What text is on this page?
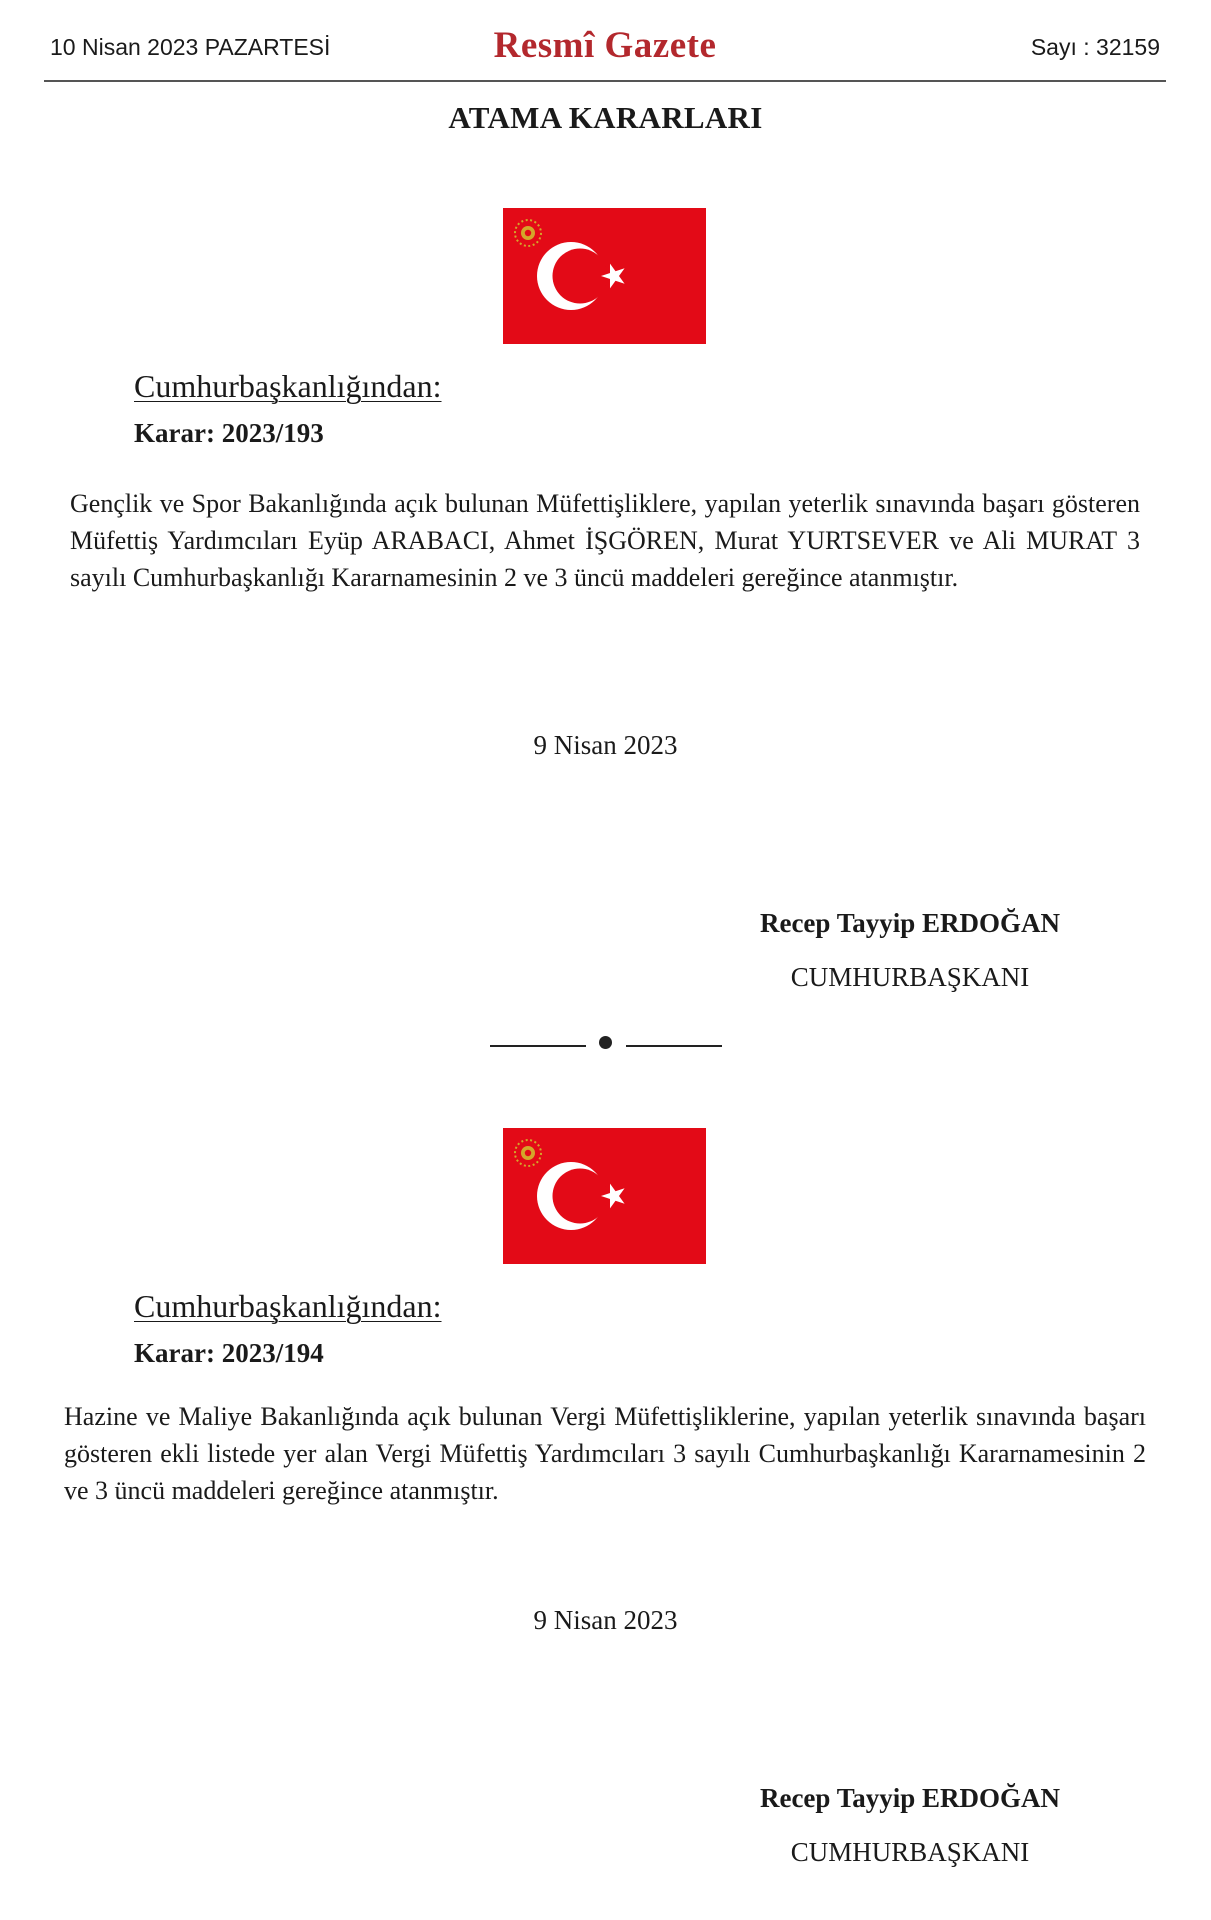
10 Nisan 2023 PAZARTESİ	Resmî Gazete	Sayı : 32159
ATAMA KARARLARI
Cumhurbaşkanlığından:
Karar: 2023/193

Gençlik ve Spor Bakanlığında açık bulunan Müfettişliklere, yapılan yeterlik sınavında başarı gösteren Müfettiş Yardımcıları Eyüp ARABACI, Ahmet İŞGÖREN, Murat YURTSEVER ve Ali MURAT 3 sayılı Cumhurbaşkanlığı Kararnamesinin 2 ve 3 üncü maddeleri gereğince atanmıştır.

9 Nisan 2023
Recep Tayyip ERDOĞAN
CUMHURBAŞKANI
Cumhurbaşkanlığından:
Karar: 2023/194

Hazine ve Maliye Bakanlığında açık bulunan Vergi Müfettişliklerine, yapılan yeterlik sınavında başarı gösteren ekli listede yer alan Vergi Müfettiş Yardımcıları 3 sayılı Cumhurbaşkanlığı Kararnamesinin 2 ve 3 üncü maddeleri gereğince atanmıştır.

9 Nisan 2023
Recep Tayyip ERDOĞAN
CUMHURBAŞKANI
